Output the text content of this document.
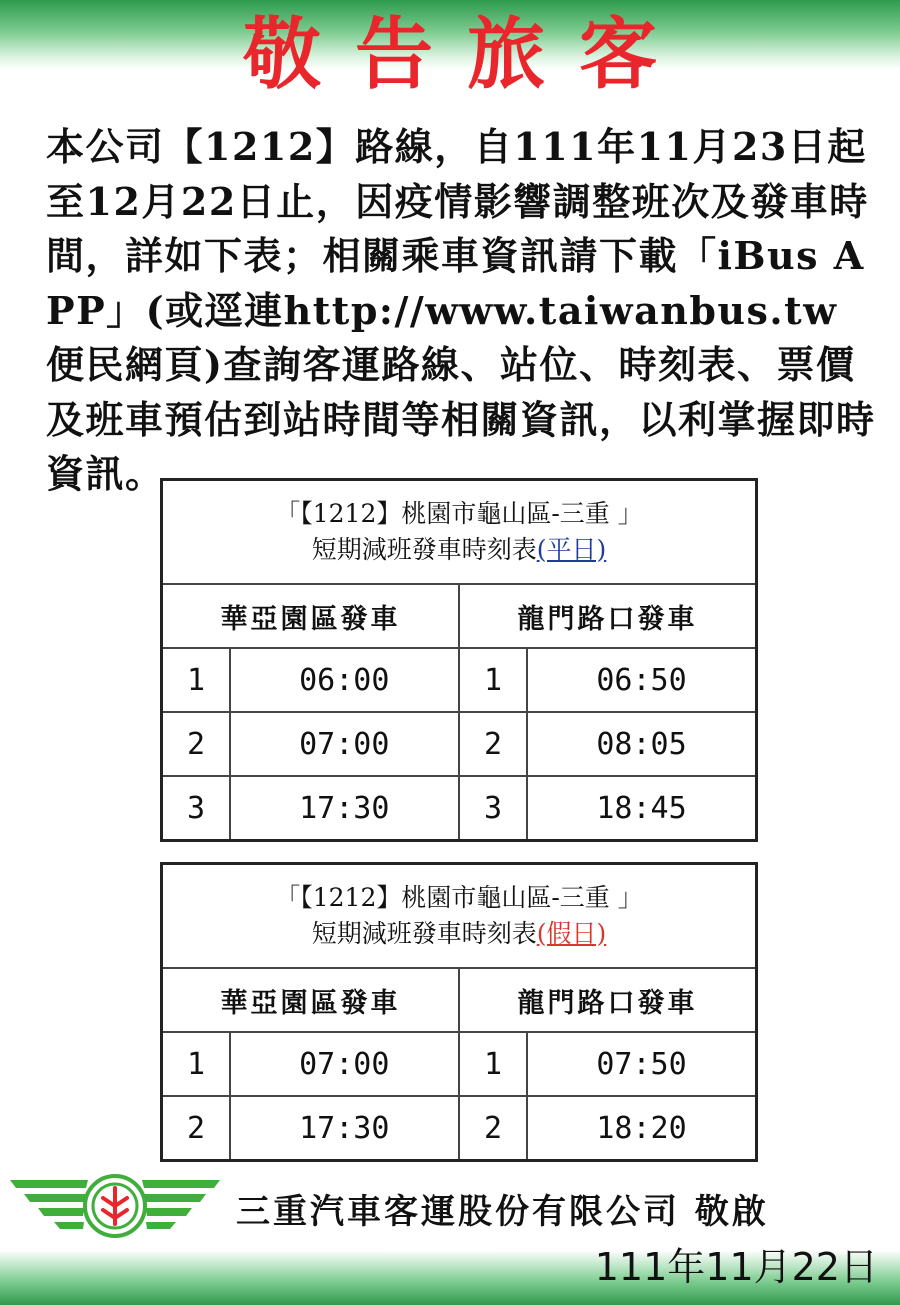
敬告旅客
本公司【1212】路線，自111年11月23日起至12月22日止，因疫情影響調整班次及發車時間，詳如下表；相關乘車資訊請下載「iBus APP」(或逕連http://www.taiwanbus.tw便民網頁)查詢客運路線、站位、時刻表、票價及班車預估到站時間等相關資訊，以利掌握即時資訊。
「【1212】桃園市龜山區-三重 」
短期減班發車時刻表(平日)			

華亞園區發車		龍門路口發車	
1	06:00	1	06:50
2	07:00	2	08:05
3	17:30	3	18:45
「【1212】桃園市龜山區-三重 」
短期減班發車時刻表(假日)			

華亞園區發車		龍門路口發車	
1	07:00	1	07:50
2	17:30	2	18:20
三重汽車客運股份有限公司 敬啟
111年11月22日
